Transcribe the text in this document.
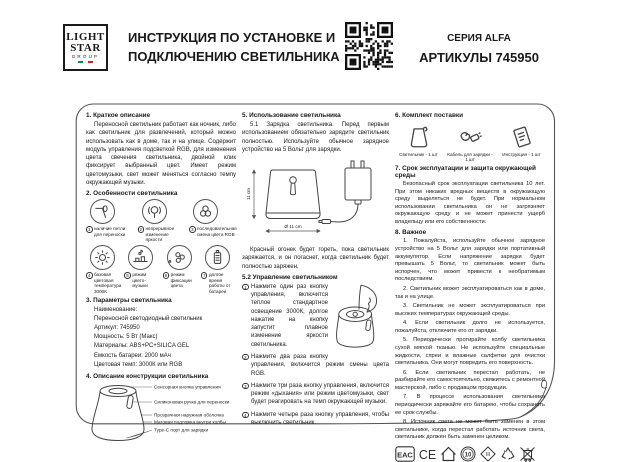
LIGHT
STAR
GROUP
ИНСТРУКЦИЯ ПО УСТАНОВКЕ И
ПОДКЛЮЧЕНИЮ СВЕТИЛЬНИКА
СЕРИЯ ALFA
АРТИКУЛЫ 745950
1. Краткое описание

Переносной светильник работает как ночник, либо как светильник для развлечений, который можно использовать как в доме, так и на улице. Содержит модуль управления подсветкой RGB, для изменения цвета свечения светильника, двойной клик фиксирует выбранный цвет. Имеет режим цветомузыки, свет может меняться согласно темпу окружающей музыки.

2. Особенности светильника
1 наличие петли для переноски
2 непрерывное изменение яркости
3 последовательная смена цвета RGB
4 базовая цветовая температура 3000К
5 режим цветомузыки
6 режим фиксации цвета
7 долгое время работы от батареи
3. Параметры светильника
Наименование:
Переносной светодиодный светильник
Артикул: 745950
Мощность: 5 Вт (Макс)
Материалы: ABS+PC+SILICA GEL
Емкость батареи: 2000 мАч
Цветовая темп: 3000К или RGB
4. Описание конструкции светильника
Сенсорная кнопка управления
Силиконовая ручка для переноски
Прозрачная наружная оболочка
Матовая подложка внутри колбы
Type-C порт для зарядки
5. Использование светильника

5.1 Зарядка светильника. Перед первым использованием обязательно зарядите светильник полностью. Используйте обычное зарядное устройство на 5 Вольт для зарядки.

11 cm
Ø 11 cm

Красный огонек будет гореть, пока светильник заряжается, и он погаснет, когда светильник будет полностью заряжен.

5.2 Управление светильником
1 Нажмите один раз кнопку управления, включится теплое стандартное освещение 3000К, долгое нажатие на кнопку запустит плавное изменение яркости светильника.
2 Нажмите два раза кнопку управления, включится режим смены цвета RGB.
3 Нажмите три раза кнопку управления, включится режим «дыхания» или режим цветомузыки, свет будет реагировать на темп окружающей музыки.
4 Нажмите четыре раза кнопку управления, чтобы выключить светильник.
6. Комплект поставки
Светильник - 1 шт	Кабель для зарядки - 1 шт
Инструкция - 1 шт
7. Срок эксплуатации и защита окружающей среды

Безопасный срок эксплуатации светильника 10 лет. При этом никаких вредных веществ в окружающую среду выделяться не будет. При нормальном использовании светильника он не загрязняет окружающую среду и не может принести ущерб владельцу или его собственности.

8. Важное

1. Пожалуйста, используйте обычное зарядное устройство на 5 Вольт для зарядки или портативный аккумулятор. Если напряжение зарядки будет превышать 5 Вольт, то светильник может быть испорчен, что может привести к необратимым последствиям.

2. Светильник может эксплуатироваться как в доме, так и на улице.

3. Светильник не может эксплуатироваться при высоких температурах окружающей среды.

4. Если светильник долго не используется, пожалуйста, отключите его от зарядки.

5. Периодически протирайте колбу светильника сухой мягкой тканью. Не используйте специальные жидкости, спреи и влажные салфетки для очистки светильника. Они могут повредить его поверхность.

6. Если светильник перестал работать, не разбирайте его самостоятельно, свяжитесь с ремонтной мастерской, либо с продавцом продукции.

7. В процессе использования светильника периодически заряжайте его батарею, чтобы сохранить ее срок службы.

8. Источник света не может быть заменен в этом светильнике, когда перестал работать источник света, светильник должен быть заменен целиком.

ЕАС CE	10	III
